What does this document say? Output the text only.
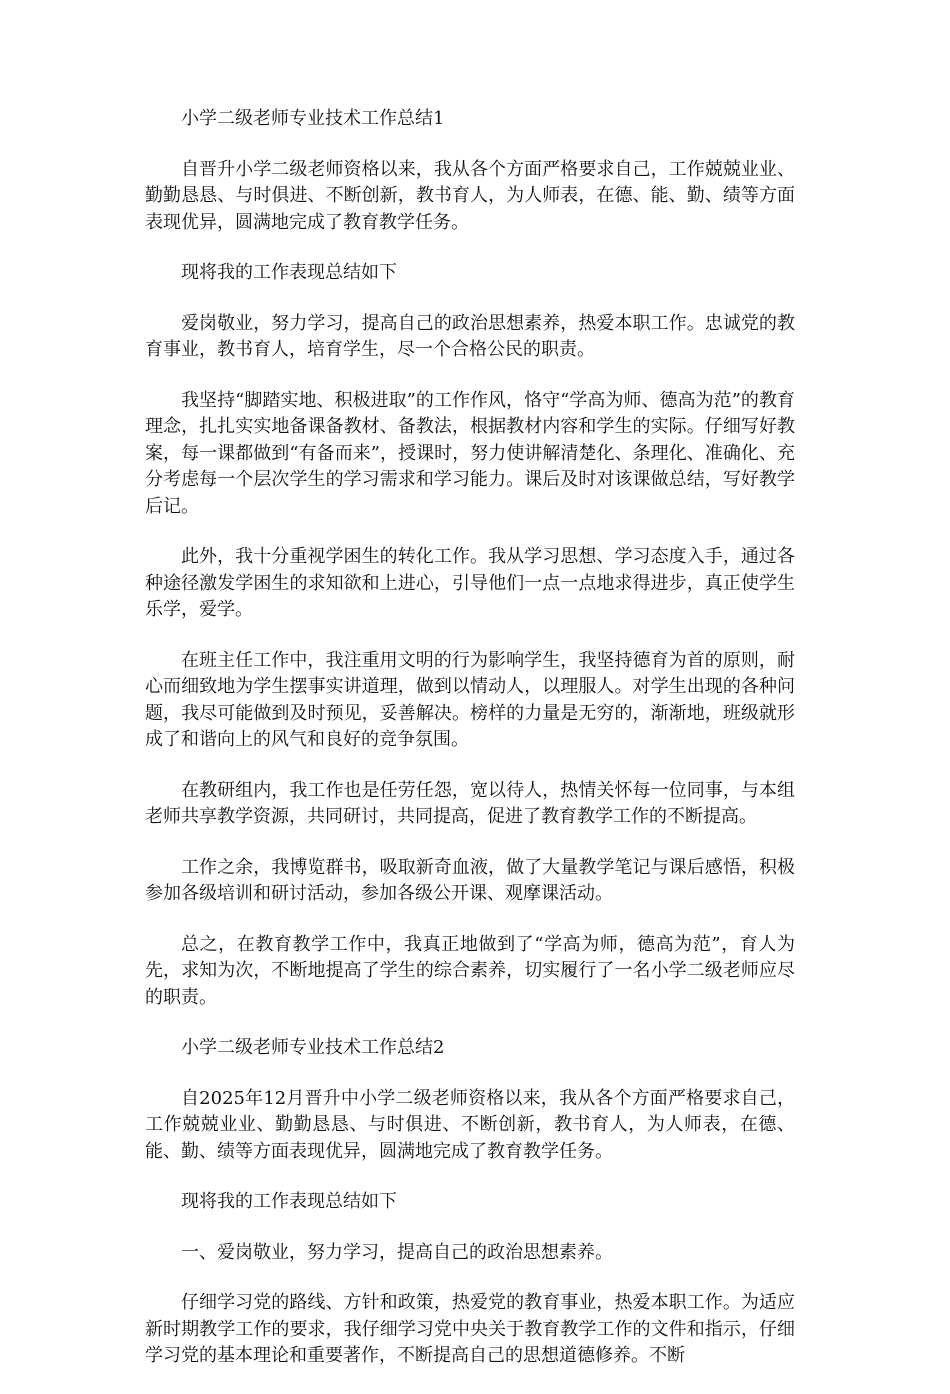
小学二级老师专业技术工作总结1

自晋升小学二级老师资格以来，我从各个方面严格要求自己，工作兢兢业业、勤勤恳恳、与时俱进、不断创新，教书育人，为人师表，在德、能、勤、绩等方面表现优异，圆满地完成了教育教学任务。

现将我的工作表现总结如下

爱岗敬业，努力学习，提高自己的政治思想素养，热爱本职工作。忠诚党的教育事业，教书育人，培育学生，尽一个合格公民的职责。

我坚持“脚踏实地、积极进取”的工作作风，恪守“学高为师、德高为范”的教育理念，扎扎实实地备课备教材、备教法，根据教材内容和学生的实际。仔细写好教案，每一课都做到“有备而来”，授课时，努力使讲解清楚化、条理化、准确化、充分考虑每一个层次学生的学习需求和学习能力。课后及时对该课做总结，写好教学后记。

此外，我十分重视学困生的转化工作。我从学习思想、学习态度入手，通过各种途径激发学困生的求知欲和上进心，引导他们一点一点地求得进步，真正使学生乐学，爱学。

在班主任工作中，我注重用文明的行为影响学生，我坚持德育为首的原则，耐心而细致地为学生摆事实讲道理，做到以情动人，以理服人。对学生出现的各种问题，我尽可能做到及时预见，妥善解决。榜样的力量是无穷的，渐渐地，班级就形成了和谐向上的风气和良好的竞争氛围。

在教研组内，我工作也是任劳任怨，宽以待人，热情关怀每一位同事，与本组老师共享教学资源，共同研讨，共同提高，促进了教育教学工作的不断提高。

工作之余，我博览群书，吸取新奇血液，做了大量教学笔记与课后感悟，积极参加各级培训和研讨活动，参加各级公开课、观摩课活动。

总之，在教育教学工作中，我真正地做到了“学高为师，德高为范”，育人为先，求知为次，不断地提高了学生的综合素养，切实履行了一名小学二级老师应尽的职责。

小学二级老师专业技术工作总结2

自2025年12月晋升中小学二级老师资格以来，我从各个方面严格要求自己，工作兢兢业业、勤勤恳恳、与时俱进、不断创新，教书育人，为人师表，在德、能、勤、绩等方面表现优异，圆满地完成了教育教学任务。

现将我的工作表现总结如下

一、爱岗敬业，努力学习，提高自己的政治思想素养。

仔细学习党的路线、方针和政策，热爱党的教育事业，热爱本职工作。为适应新时期教学工作的要求，我仔细学习党中央关于教育教学工作的文件和指示，仔细学习党的基本理论和重要著作，不断提高自己的思想道德修养。不断
